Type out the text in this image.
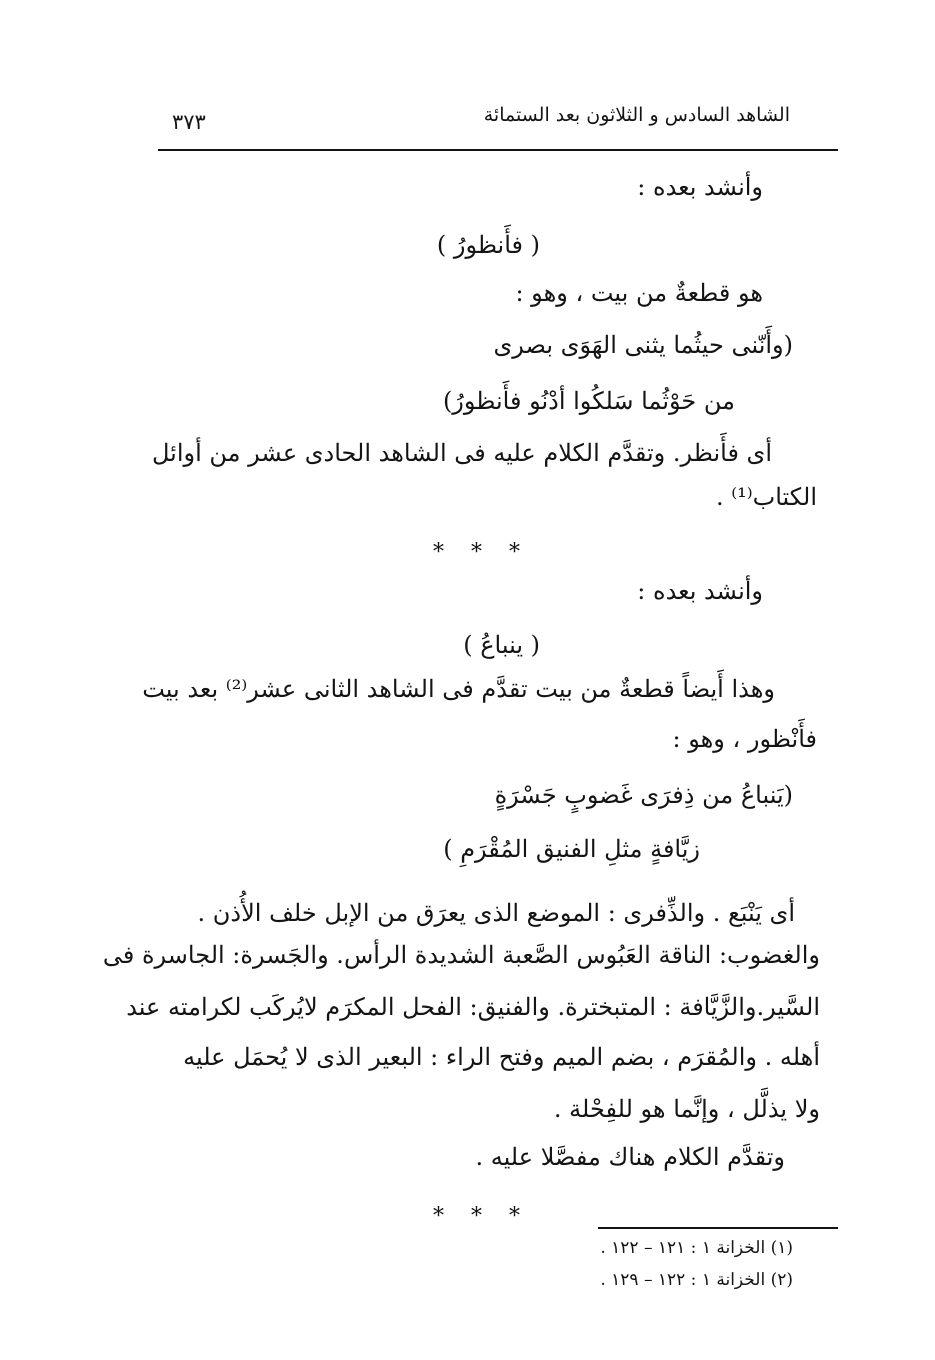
الشاهد السادس و الثلاثون بعد الستمائة
٣٧٣
وأنشد بعده :
( فأَنظورُ )
هو قطعةٌ من بيت ، وهو :
(وأَنّنى حيثُما يثنى الهَوَى بصرى
من حَوْثُما سَلكُوا أدْنُو فأَنظورُ)
أى فأَنظر. وتقدَّم الكلام عليه فى الشاهد الحادى عشر من أوائل
الكتاب⁽¹⁾ .
* * *
وأنشد بعده :
( ينباعُ )
وهذا أَيضاً قطعةٌ من بيت تقدَّم فى الشاهد الثانى عشر⁽²⁾ بعد بيت
فأَنْظور ، وهو :
(يَنباعُ من ذِفرَى غَضوبٍ جَسْرَةٍ
زيَّافةٍ مثلِ الفنيق المُقْرَمِ )
أى يَنْبَع . والذِّفرى : الموضع الذى يعرَق من الإبل خلف الأُذن .
والغضوب: الناقة العَبُوس الصَّعبة الشديدة الرأس. والجَسرة: الجاسرة فى
السَّير.والزَّيَّافة : المتبخترة. والفنيق: الفحل المكرَم لايُركَب لكرامته عند
أهله . والمُقرَم ، بضم الميم وفتح الراء : البعير الذى لا يُحمَل عليه
ولا يذلَّل ، وإنَّما هو للفِحْلة .
وتقدَّم الكلام هناك مفصَّلا عليه .
* * *
(١) الخزانة ١ : ١٢١ – ١٢٢ .
(٢) الخزانة ١ : ١٢٢ – ١٢٩ .
